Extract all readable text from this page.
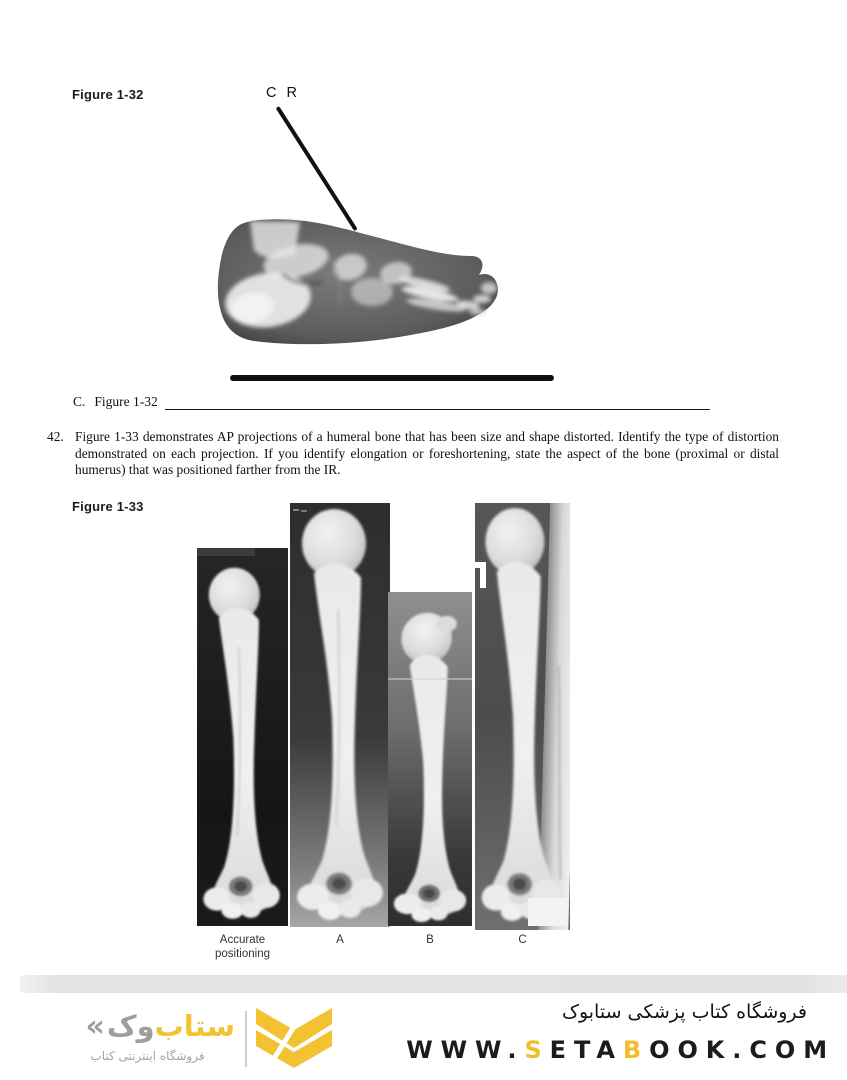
Figure 1-32	C R
C. Figure 1-32
42. Figure 1-33 demonstrates AP projections of a humeral bone that has been size and shape distorted. Identify the type of distortion demonstrated on each projection. If you identify elongation or foreshortening, state the aspect of the bone (proximal or distal humerus) that was positioned farther from the IR.
Figure 1-33
Accurate positioning
A	B	C
« وک ستاب
فروشگاه اینترنتی کتاب
فروشگاه کتاب پزشکی ستابوک
WWW.SETABOOK.COM
